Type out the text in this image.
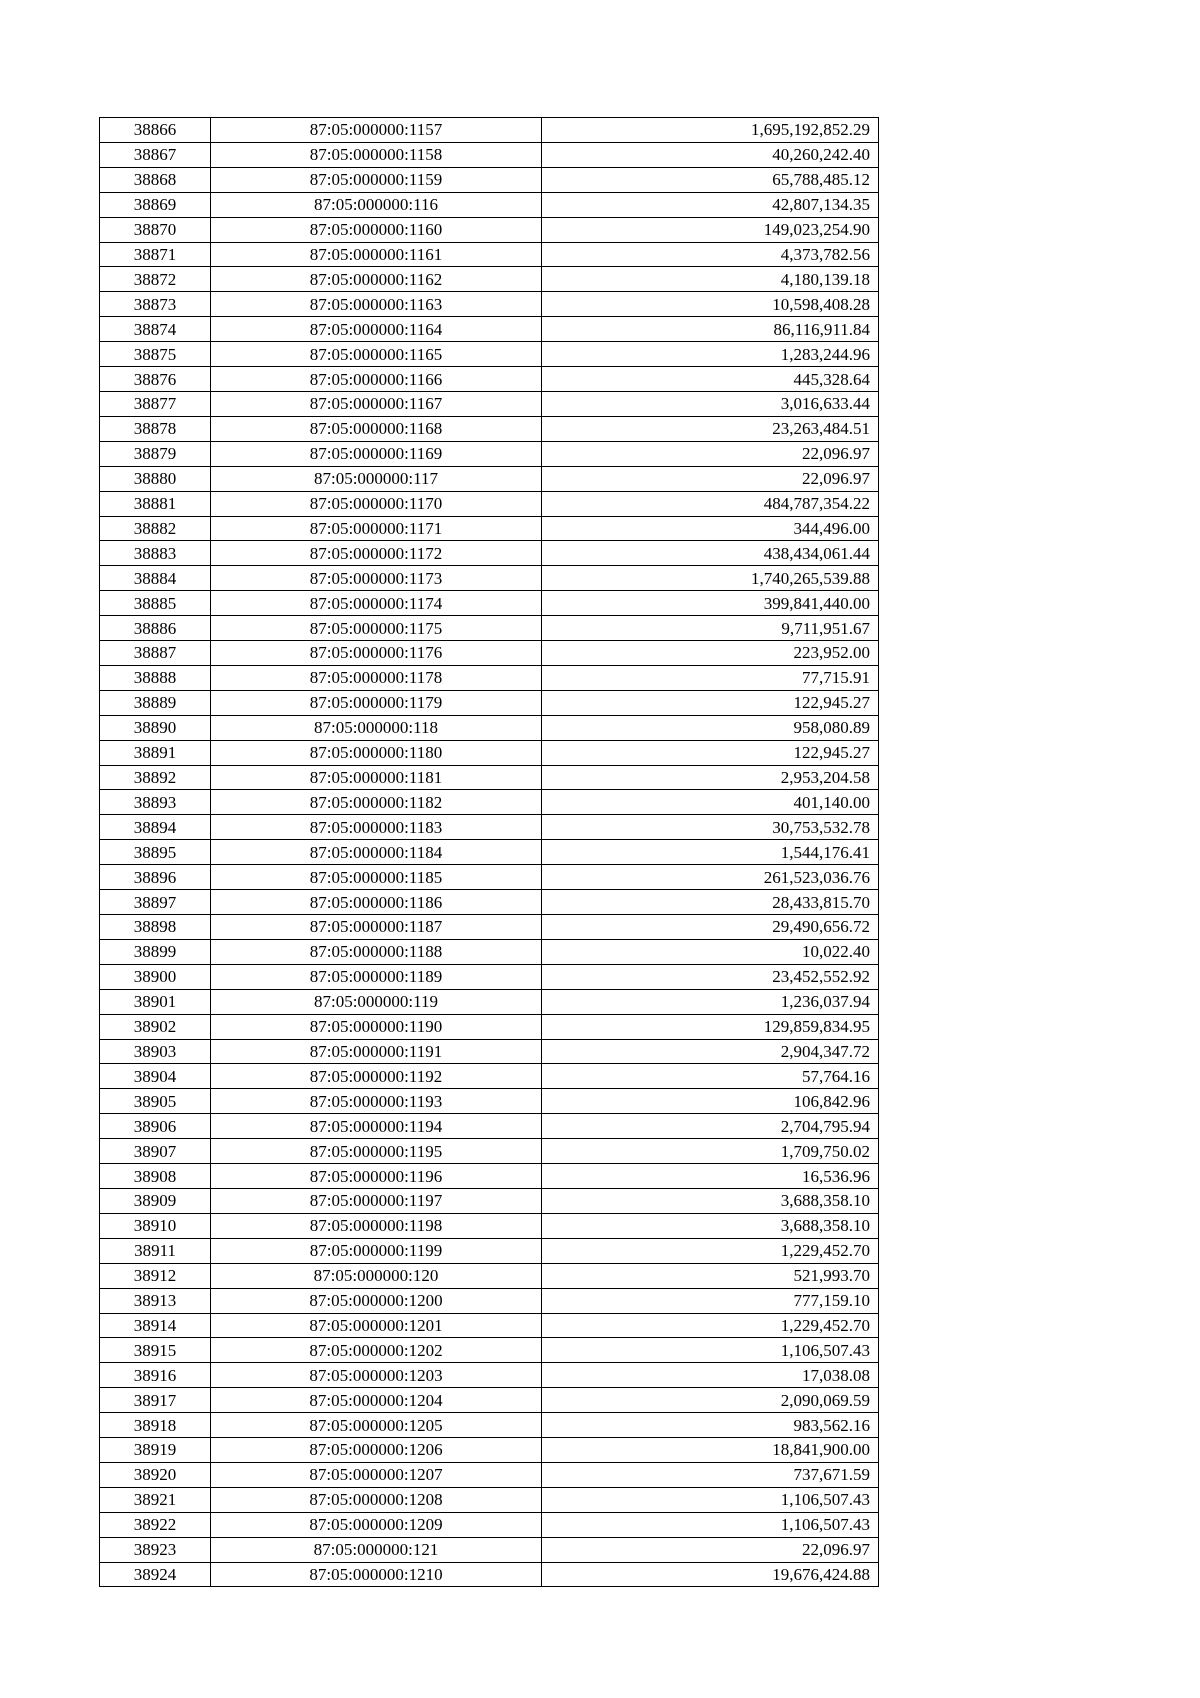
38866	87:05:000000:1157	1,695,192,852.29
38867	87:05:000000:1158	40,260,242.40
38868	87:05:000000:1159	65,788,485.12
38869	87:05:000000:116	42,807,134.35
38870	87:05:000000:1160	149,023,254.90
38871	87:05:000000:1161	4,373,782.56
38872	87:05:000000:1162	4,180,139.18
38873	87:05:000000:1163	10,598,408.28
38874	87:05:000000:1164	86,116,911.84
38875	87:05:000000:1165	1,283,244.96
38876	87:05:000000:1166	445,328.64
38877	87:05:000000:1167	3,016,633.44
38878	87:05:000000:1168	23,263,484.51
38879	87:05:000000:1169	22,096.97
38880	87:05:000000:117	22,096.97
38881	87:05:000000:1170	484,787,354.22
38882	87:05:000000:1171	344,496.00
38883	87:05:000000:1172	438,434,061.44
38884	87:05:000000:1173	1,740,265,539.88
38885	87:05:000000:1174	399,841,440.00
38886	87:05:000000:1175	9,711,951.67
38887	87:05:000000:1176	223,952.00
38888	87:05:000000:1178	77,715.91
38889	87:05:000000:1179	122,945.27
38890	87:05:000000:118	958,080.89
38891	87:05:000000:1180	122,945.27
38892	87:05:000000:1181	2,953,204.58
38893	87:05:000000:1182	401,140.00
38894	87:05:000000:1183	30,753,532.78
38895	87:05:000000:1184	1,544,176.41
38896	87:05:000000:1185	261,523,036.76
38897	87:05:000000:1186	28,433,815.70
38898	87:05:000000:1187	29,490,656.72
38899	87:05:000000:1188	10,022.40
38900	87:05:000000:1189	23,452,552.92
38901	87:05:000000:119	1,236,037.94
38902	87:05:000000:1190	129,859,834.95
38903	87:05:000000:1191	2,904,347.72
38904	87:05:000000:1192	57,764.16
38905	87:05:000000:1193	106,842.96
38906	87:05:000000:1194	2,704,795.94
38907	87:05:000000:1195	1,709,750.02
38908	87:05:000000:1196	16,536.96
38909	87:05:000000:1197	3,688,358.10
38910	87:05:000000:1198	3,688,358.10
38911	87:05:000000:1199	1,229,452.70
38912	87:05:000000:120	521,993.70
38913	87:05:000000:1200	777,159.10
38914	87:05:000000:1201	1,229,452.70
38915	87:05:000000:1202	1,106,507.43
38916	87:05:000000:1203	17,038.08
38917	87:05:000000:1204	2,090,069.59
38918	87:05:000000:1205	983,562.16
38919	87:05:000000:1206	18,841,900.00
38920	87:05:000000:1207	737,671.59
38921	87:05:000000:1208	1,106,507.43
38922	87:05:000000:1209	1,106,507.43
38923	87:05:000000:121	22,096.97
38924	87:05:000000:1210	19,676,424.88
